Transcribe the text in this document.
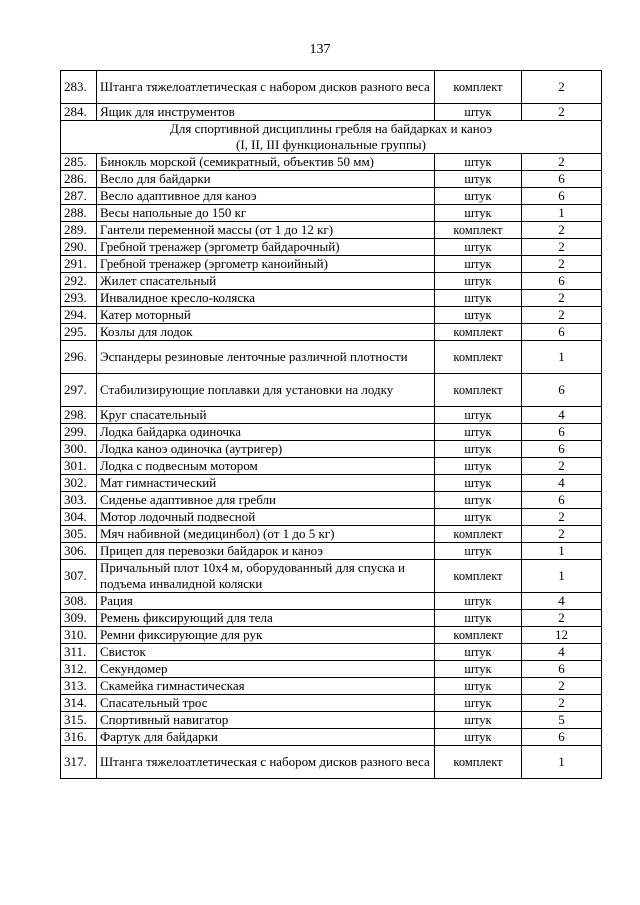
137
283.	Штанга тяжелоатлетическая с набором дисков разного веса	комплект	2
284.	Ящик для инструментов	штук	2

Для спортивной дисциплины гребля на байдарках и каноэ
(I, II, III функциональные группы)			

285.	Бинокль морской (семикратный, объектив 50 мм)	штук	2
286.	Весло для байдарки	штук	6
287.	Весло адаптивное для каноэ	штук	6
288.	Весы напольные до 150 кг	штук	1
289.	Гантели переменной массы (от 1 до 12 кг)	комплект	2
290.	Гребной тренажер (эргометр байдарочный)	штук	2
291.	Гребной тренажер (эргометр каноийный)	штук	2
292.	Жилет спасательный	штук	6
293.	Инвалидное кресло-коляска	штук	2
294.	Катер моторный	штук	2
295.	Козлы для лодок	комплект	6
296.	Эспандеры резиновые ленточные различной плотности	комплект	1
297.	Стабилизирующие поплавки для установки на лодку	комплект	6
298.	Круг спасательный	штук	4
299.	Лодка байдарка одиночка	штук	6
300.	Лодка каноэ одиночка (аутригер)	штук	6
301.	Лодка с подвесным мотором	штук	2
302.	Мат гимнастический	штук	4
303.	Сиденье адаптивное для гребли	штук	6
304.	Мотор лодочный подвесной	штук	2
305.	Мяч набивной (медицинбол) (от 1 до 5 кг)	комплект	2
306.	Прицеп для перевозки байдарок и каноэ	штук	1
307.	Причальный плот 10х4 м, оборудованный для спуска и подъема инвалидной коляски	комплект	1
308.	Рация	штук	4
309.	Ремень фиксирующий для тела	штук	2
310.	Ремни фиксирующие для рук	комплект	12
311.	Свисток	штук	4
312.	Секундомер	штук	6
313.	Скамейка гимнастическая	штук	2
314.	Спасательный трос	штук	2
315.	Спортивный навигатор	штук	5
316.	Фартук для байдарки	штук	6
317.	Штанга тяжелоатлетическая с набором дисков разного веса	комплект	1
